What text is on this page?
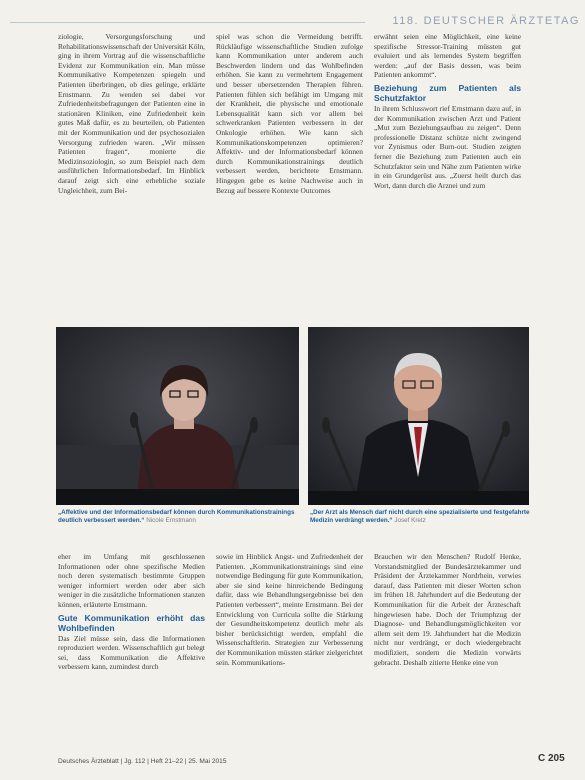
118. DEUTSCHER ÄRZTETAG

ziologie, Versorgungsforschung und Rehabilitationswissenschaft der Universität Köln, ging in ihrem Vortrag auf die wissenschaftliche Evidenz zur Kommunikation ein. Man müsse Kommunikative Kompetenzen spiegeln und Patienten überbringen, ob dies gelinge, erklärte Ernstmann. Zu wenden sei dabei vor Zufriedenheitsbefragungen der Patienten eine in stationären Kliniken, eine Zufriedenheit kein gutes Maß dafür, es zu beurteilen, ob Patienten mit der Kommunikation und der psychosozialen Versorgung zufrieden waren. „Wir müssen Patienten fragen“, monierte die Medizinsoziologin, so zum Beispiel nach dem ausführlichen Informationsbedarf. Im Hinblick darauf zeigt sich eine erhebliche soziale Ungleichheit, zum Bei-

spiel was schon die Vermeidung betrifft. Rückläufige wissenschaftliche Studien zufolge kann Kommunikation unter anderem auch Beschwerden lindern und das Wohlbefinden erhöhen. Sie kann zu vermehrtem Engagement und besser ubersetzenden Therapien führen. Patienten fühlen sich befähigt im Umgang mit der Krankheit, die physische und emotionale Lebensqualität kann sich vor allem bei schwerkranken Patienten verbessern in der Onkologie erhöhen. Wie kann sich Kommunikationskompetenzen optimieren? Affektiv- und der Informationsbedarf können durch Kommunikationstrainings deutlich verbessert werden, berichtete Ernstmann. Hingegen gebe es keine Nachweise auch in Bezug auf bessere Kontexte Outcomes

erwähnt seien eine Möglichkeit, eine keine spezifische Stressor-Training müssten gut evaluiert und als lernendes System begriffen werden: „auf der Basis dessen, was beim Patienten ankommt“.

Beziehung zum Patienten als Schutzfaktor

In ihrem Schlusswort rief Ernstmann dazu auf, in der Kommunikation zwischen Arzt und Patient „Mut zum Beziehungsaufbau zu zeigen“. Denn professionelle Distanz schütze nicht zwingend vor Zynismus oder Burn-out. Studien zeigten ferner die Beziehung zum Patienten auch ein Schutzfaktor sein und Nähe zum Patienten wirke in ein Grundgerüst aus. „Zuerst heilt durch das Wort, dann durch die Arznei und zum

„Affektive und der Informationsbedarf können durch Kommunikationstrainings deutlich verbessert werden.“ Nicole Ernstmann
„Der Arzt als Mensch darf nicht durch eine spezialisierte und festgefahrte Medizin verdrängt werden.“ Josef Kretz

eher im Umfang mit geschlossenen Informationen oder ohne spezifische Medien noch deren systematisch bestimmte Gruppen weniger informiert werden oder aber sich weniger in die zusätzliche Informationen stanzen können, erläuterte Ernstmann.

Gute Kommunikation erhöht das Wohlbefinden

Das Ziel müsse sein, dass die Informationen reproduziert werden. Wissenschaftlich gut belegt sei, dass Kommunikation die Affektive verbessern kann, zumindest durch

sowie im Hinblick Angst- und Zufriedenheit der Patienten. „Kommunikationstrainings sind eine notwendige Bedingung für gute Kommunikation, aber sie sind keine hinreichende Bedingung dafür, dass wie Behandlungsergebnisse bei den Patienten verbessert“, meinte Ernstmann. Bei der Entwicklung von Curricula sollte die Stärkung der Gesundheitskompetenz deutlich mehr als bisher berücksichtigt werden, empfahl die Wissenschaftlerin. Strategien zur Verbesserung der Kommunikation müssten stärker zielgerichtet sein. Kommunikations-

Brauchen wir den Menschen? Rudolf Henke, Vorstandsmitglied der Bundesärztekammer und Präsident der Ärztekammer Nordrhein, verwies darauf, dass Patienten mit dieser Worten schon im frühen 18. Jahrhundert auf die Bedeutung der Kommunikation für die Arbeit der Ärzteschaft hingewiesen habe. Doch der Triumphzug der Diagnose- und Behandlungsmöglichkeiten vor allem seit dem 19. Jahrhundert hat die Medizin nicht nur verdrängt, er doch wiedergebracht modifiziert, sondern die Medizin vorwärts gebracht. Deshalb zitierte Henke eine von

Deutsches Ärzteblatt | Jg. 112 | Heft 21–22 | 25. Mai 2015	C 205
